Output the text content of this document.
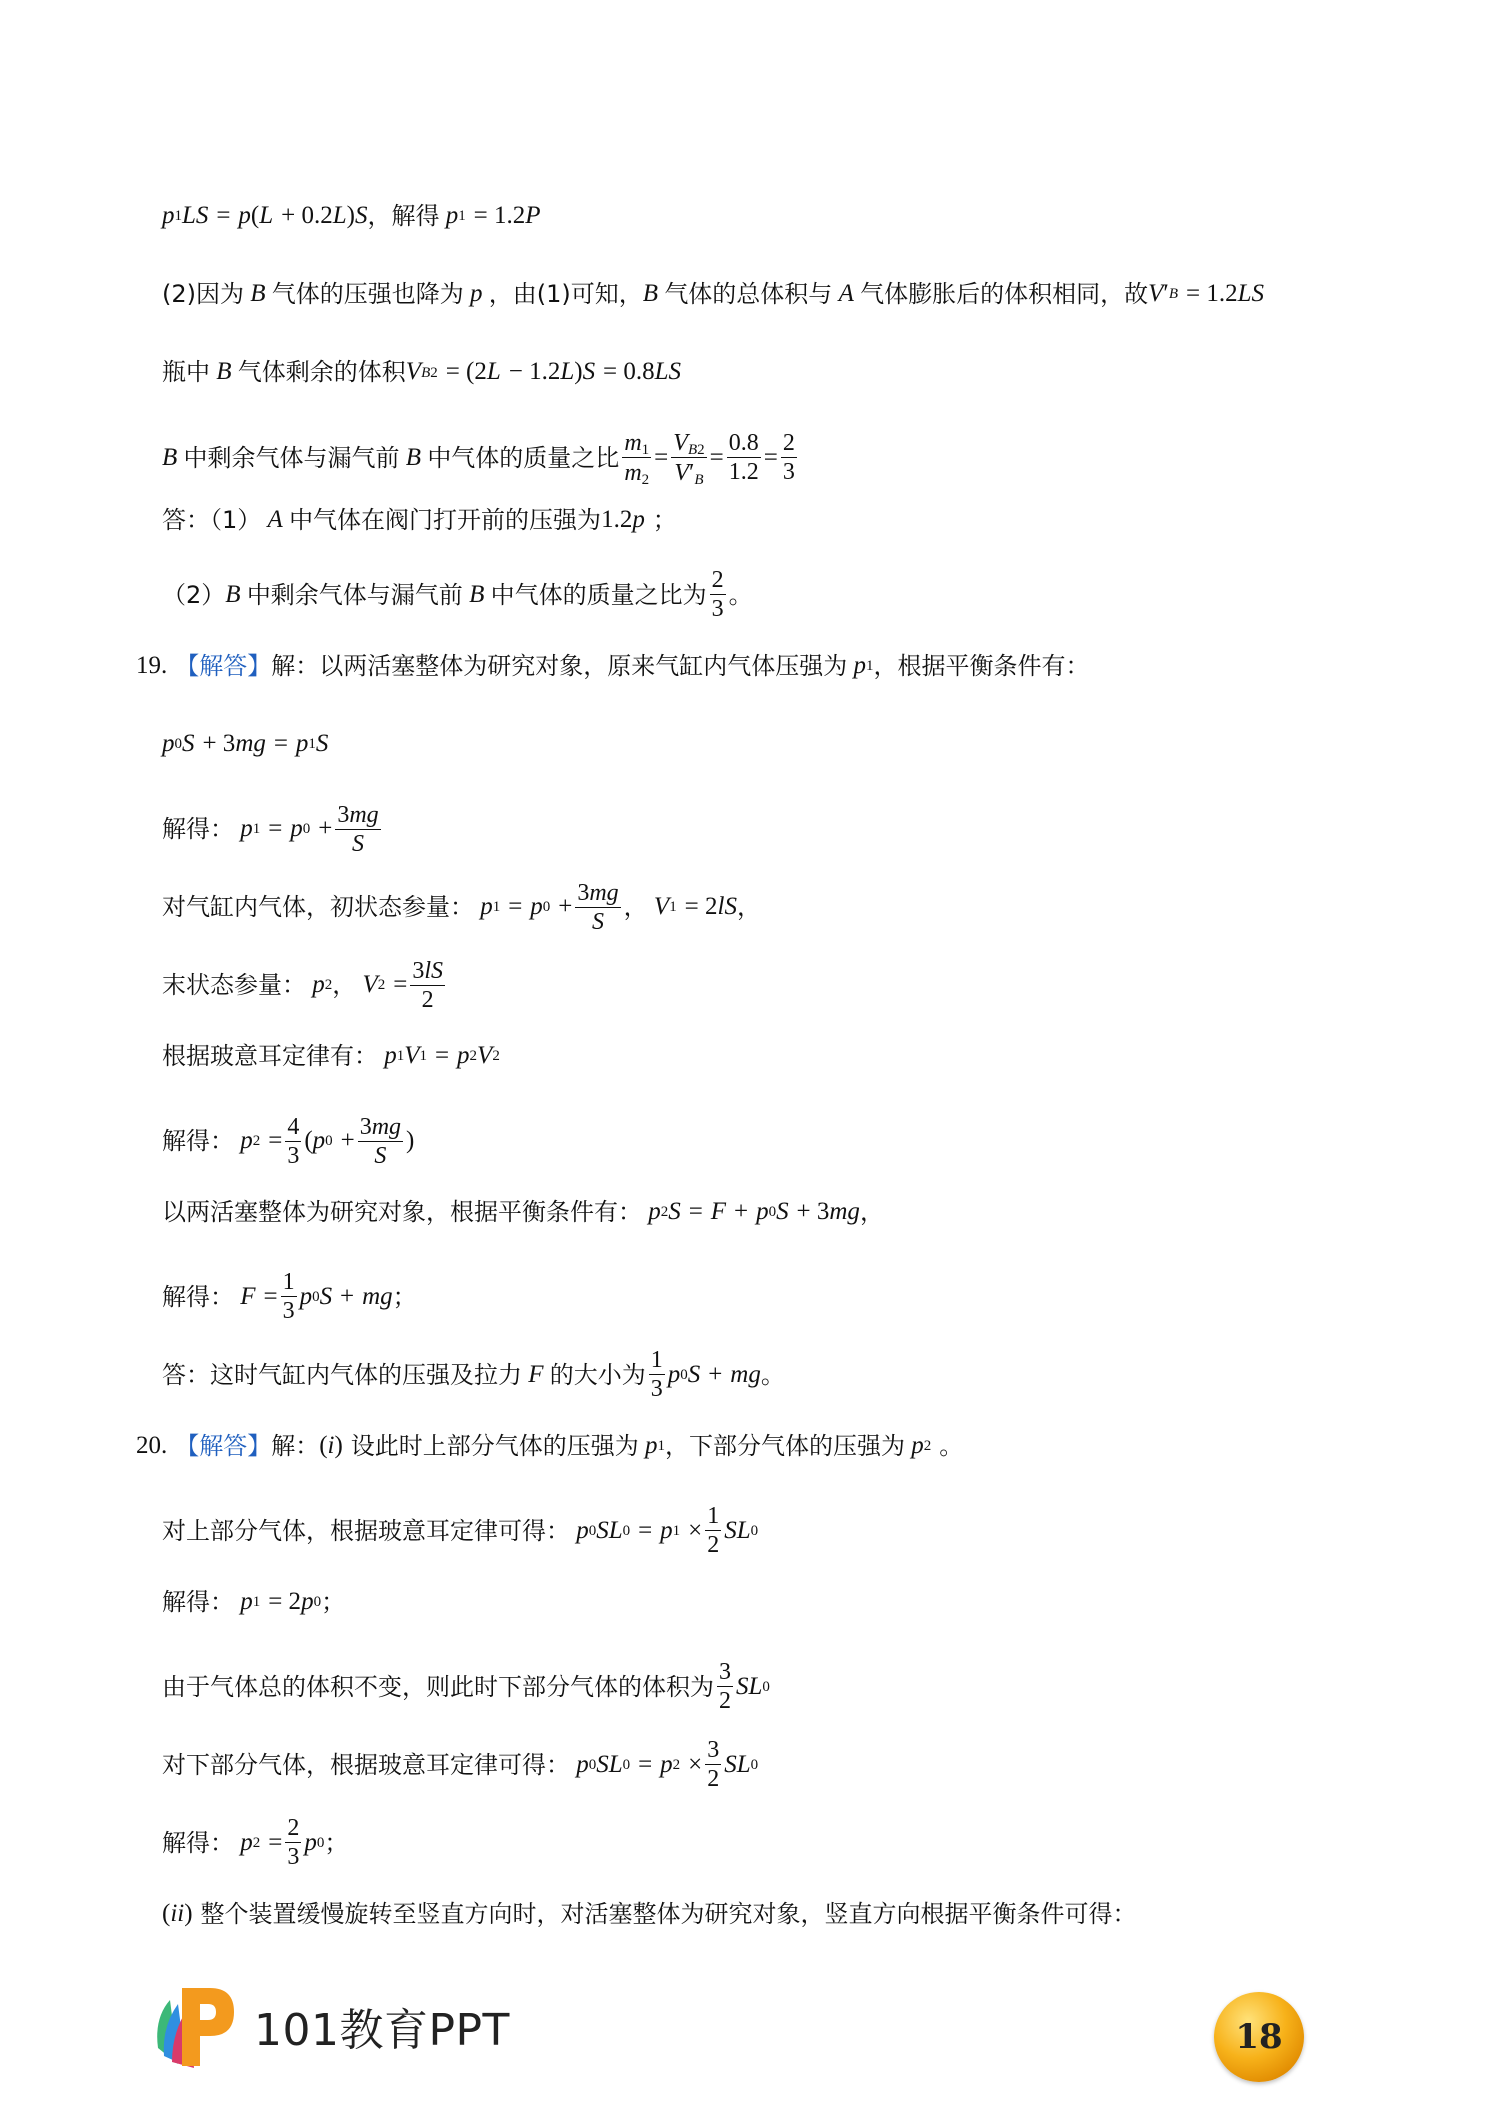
p 1 LS
=
p ( L
+ 0.2 L ) S ，解得 p 1
= 1.2 P
(2)因为 B 气体的压强也降为 p ，由(1)可知， B 气体的总体积与 A 气体膨胀后的体积相同，故 V ′ B
= 1.2 LS
瓶中 B 气体剩余的体积 V B2
= (2 L
− 1.2 L ) S
= 0.8 LS
B 中剩余气体与漏气前 B 中气体的质量之比 $\frac{m_1}{m_2} = \frac{V_{B2}}{V'_B} = \frac{0.8}{1.2} = \frac{2}{3}$
答：（1） A 中气体在阀门打开前的压强为 1.2 p
；
（2） B 中剩余气体与漏气前 B 中气体的质量之比为 $\frac{2}{3}$ 。
19.
【解答】 解：以两活塞整体为研究对象，原来气缸内气体压强为 p 1 ，根据平衡条件有：
p 0 S
+ 3 mg
=
p 1 S
解得： p 1
=
p 0
+ $\frac{3mg}{S}$
对气缸内气体，初状态参量： p 1
=
p 0
+ $\frac{3mg}{S}$ ， V 1
= 2 lS ，
末状态参量： p 2 ， V 2
= $\frac{3lS}{2}$
根据玻意耳定律有： p 1 V 1
=
p 2 V 2
解得： p 2
= $\frac{4}{3}$ ( p 0
+ $\frac{3mg}{S}$ )
以两活塞整体为研究对象，根据平衡条件有： p 2 S
=
F
+
p 0 S
+ 3 mg ，
解得： F
= $\frac{1}{3}$ p 0 S
+
mg ；
答：这时气缸内气体的压强及拉力 F 的大小为 $\frac{1}{3}$ p 0 S
+
mg 。
20.
【解答】 解： ( i )
设此时上部分气体的压强为 p 1 ，下部分气体的压强为 p 2
。
对上部分气体，根据玻意耳定律可得： p 0 SL 0
=
p 1
× $\frac{1}{2}$ SL 0
解得： p 1
= 2 p 0 ；
由于气体总的体积不变，则此时下部分气体的体积为 $\frac{3}{2}$ SL 0
对下部分气体，根据玻意耳定律可得： p 0 SL 0
=
p 2
× $\frac{3}{2}$ SL 0
解得： p 2
= $\frac{2}{3}$ p 0 ；
( ii )
整个装置缓慢旋转至竖直方向时，对活塞整体为研究对象，竖直方向根据平衡条件可得：
101教育PPT	18
